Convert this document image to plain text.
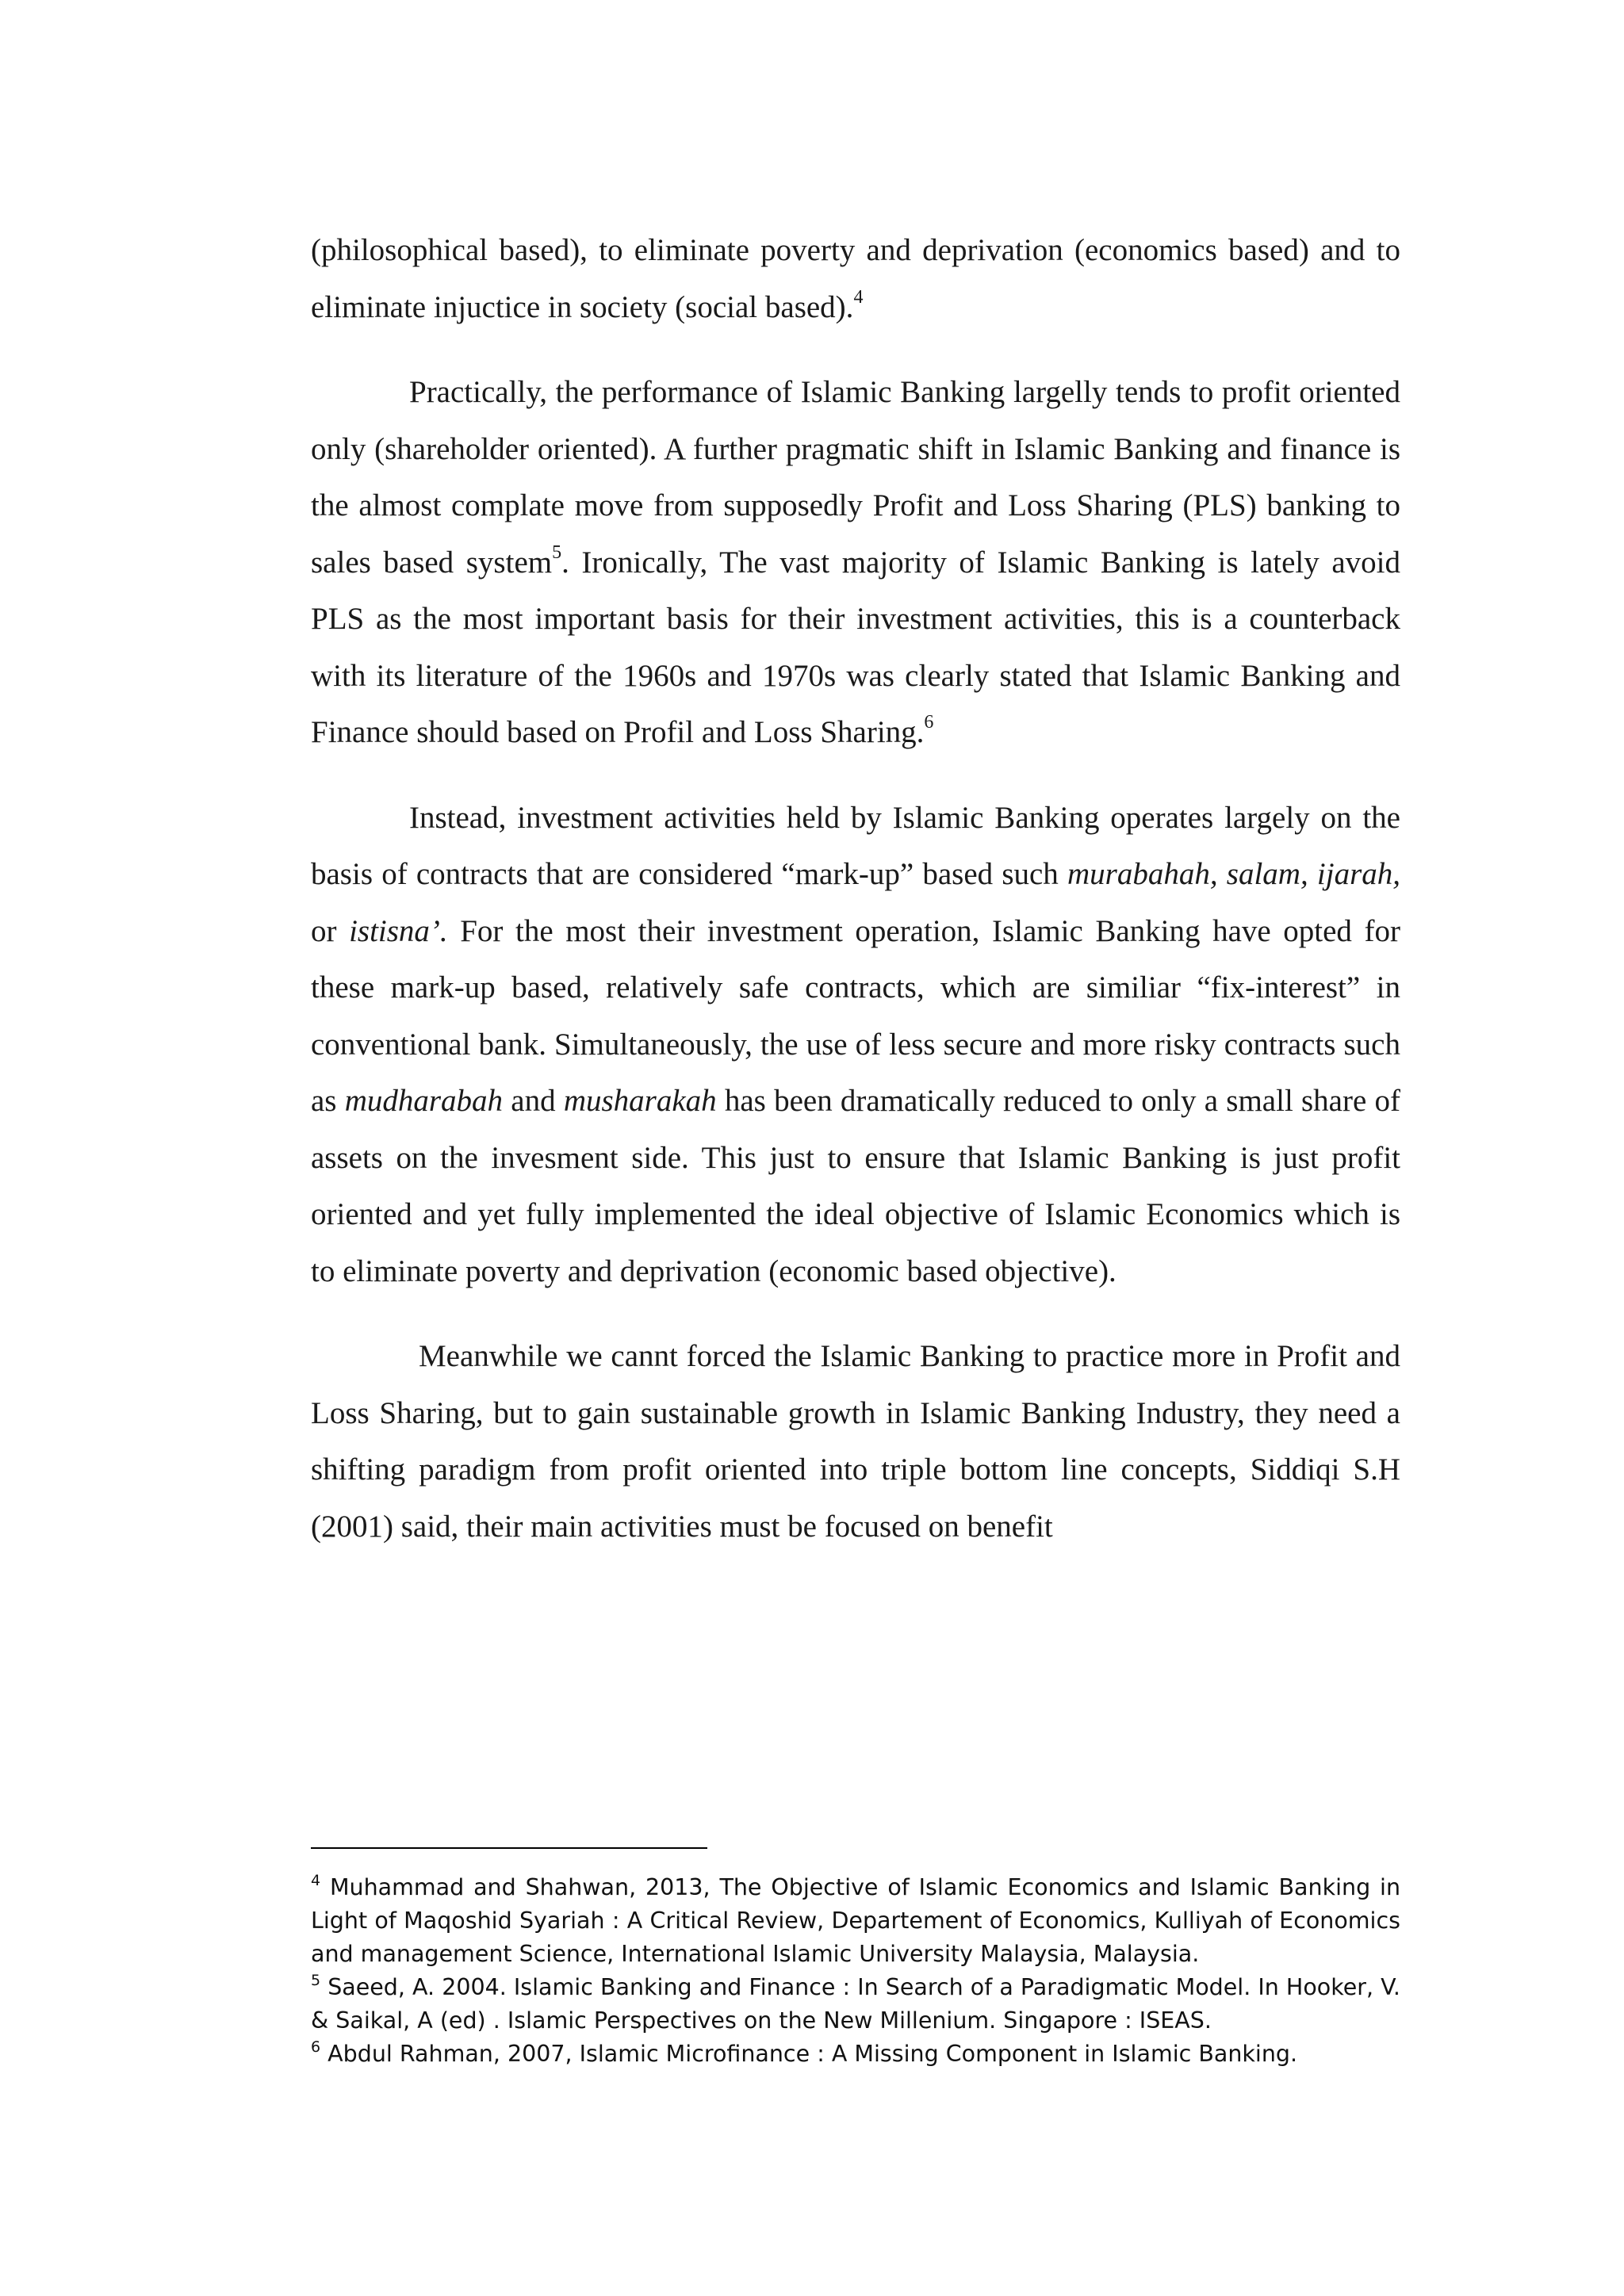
(philosophical based), to eliminate poverty and deprivation (economics based) and to eliminate injuctice in society (social based).$^4$

Practically, the performance of Islamic Banking largelly tends to profit oriented only (shareholder oriented). A further pragmatic shift in Islamic Banking and finance is the almost complate move from supposedly Profit and Loss Sharing (PLS) banking to sales based system$^5$. Ironically, The vast majority of Islamic Banking is lately avoid PLS as the most important basis for their investment activities, this is a counterback with its literature of the 1960s and 1970s was clearly stated that Islamic Banking and Finance should based on Profil and Loss Sharing.$^6$

Instead, investment activities held by Islamic Banking operates largely on the basis of contracts that are considered “mark-up” based such murabahah, salam, ijarah, or istisna’. For the most their investment operation, Islamic Banking have opted for these mark-up based, relatively safe contracts, which are similiar “fix-interest” in conventional bank. Simultaneously, the use of less secure and more risky contracts such as mudharabah and musharakah has been dramatically reduced to only a small share of assets on the invesment side. This just to ensure that Islamic Banking is just profit oriented and yet fully implemented the ideal objective of Islamic Economics which is to eliminate poverty and deprivation (economic based objective).

Meanwhile we cannt forced the Islamic Banking to practice more in Profit and Loss Sharing, but to gain sustainable growth in Islamic Banking Industry, they need a shifting paradigm from profit oriented into triple bottom line concepts, Siddiqi S.H (2001) said, their main activities must be focused on benefit

$^4$ Muhammad and Shahwan, 2013, The Objective of Islamic Economics and Islamic Banking in Light of Maqoshid Syariah : A Critical Review, Departement of Economics, Kulliyah of Economics and management Science, International Islamic University Malaysia, Malaysia.

$^5$ Saeed, A. 2004. Islamic Banking and Finance : In Search of a Paradigmatic Model. In Hooker, V. & Saikal, A (ed) . Islamic Perspectives on the New Millenium. Singapore : ISEAS.

$^6$ Abdul Rahman, 2007, Islamic Microfinance : A Missing Component in Islamic Banking.
